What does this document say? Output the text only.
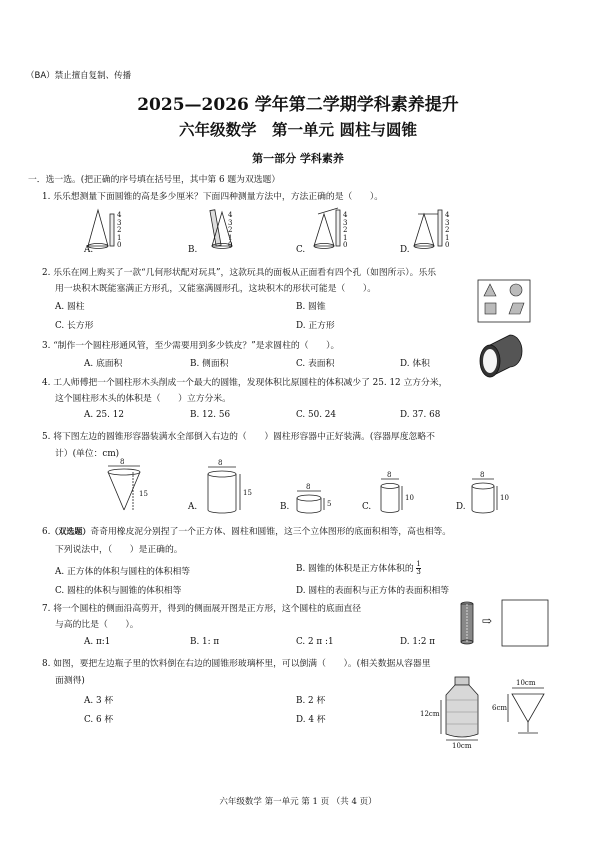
（BA）禁止擅自复制、传播
2025—2026 学年第二学期学科素养提升
六年级数学　第一单元 圆柱与圆锥
第一部分 学科素养
一．选一选。(把正确的序号填在括号里，其中第 6 题为双选题）
1. 乐乐想测量下面圆锥的高是多少厘米？下面四种测量方法中，方法正确的是（　　）。
A.	B.	C.	D.
4
3
2
1
0
4
3
2
1
0
4
3
2
1
0
4
3
2
1
0
2. 乐乐在网上购买了一款“几何形状配对玩具”，这款玩具的面板从正面看有四个孔（如图所示）。乐乐
用一块积木既能塞满正方形孔，又能塞满圆形孔，这块积木的形状可能是（　　）。
A. 圆柱	B. 圆锥
C. 长方形	D. 正方形
3. “制作一个圆柱形通风管，至少需要用到多少铁皮？”是求圆柱的（　　）。
A. 底面积	B. 侧面积	C. 表面积	D. 体积
4. 工人师傅把一个圆柱形木头削成一个最大的圆锥，发现体积比原圆柱的体积减少了 25. 12 立方分米，
这个圆柱形木头的体积是（　　）立方分米。
A. 25. 12	B. 12. 56	C. 50. 24	D. 37. 68
5. 将下图左边的圆锥形容器装满水全部倒入右边的（　　）圆柱形容器中正好装满。(容器厚度忽略不
计）(单位：cm)
8
15
A.
8
15
B.
8
5	C.
8
10
D.
8
10
6.（双选题）奇奇用橡皮泥分别捏了一个正方体、圆柱和圆锥，这三个立体图形的底面积相等，高也相等。
下列说法中，（　　）是正确的。
A. 正方体的体积与圆柱的体积相等	B. 圆锥的体积是正方体体积的 $\frac{1}{3}$
C. 圆柱的体积与圆锥的体积相等	D. 圆柱的表面积与正方体的表面积相等
7. 将一个圆柱的侧面沿高剪开，得到的侧面展开图是正方形，这个圆柱的底面直径
与高的比是（　　）。
A. π:1	B. 1: π	C. 2 π :1	D. 1:2 π
⇨
8. 如图，要把左边瓶子里的饮料倒在右边的圆锥形玻璃杯里，可以倒满（　　）。(相关数据从容器里
面测得)
A. 3 杯	B. 2 杯
C. 6 杯	D. 4 杯
12cm
10cm
10cm
6cm
六年级数学 第一单元 第 1 页 （共 4 页）
